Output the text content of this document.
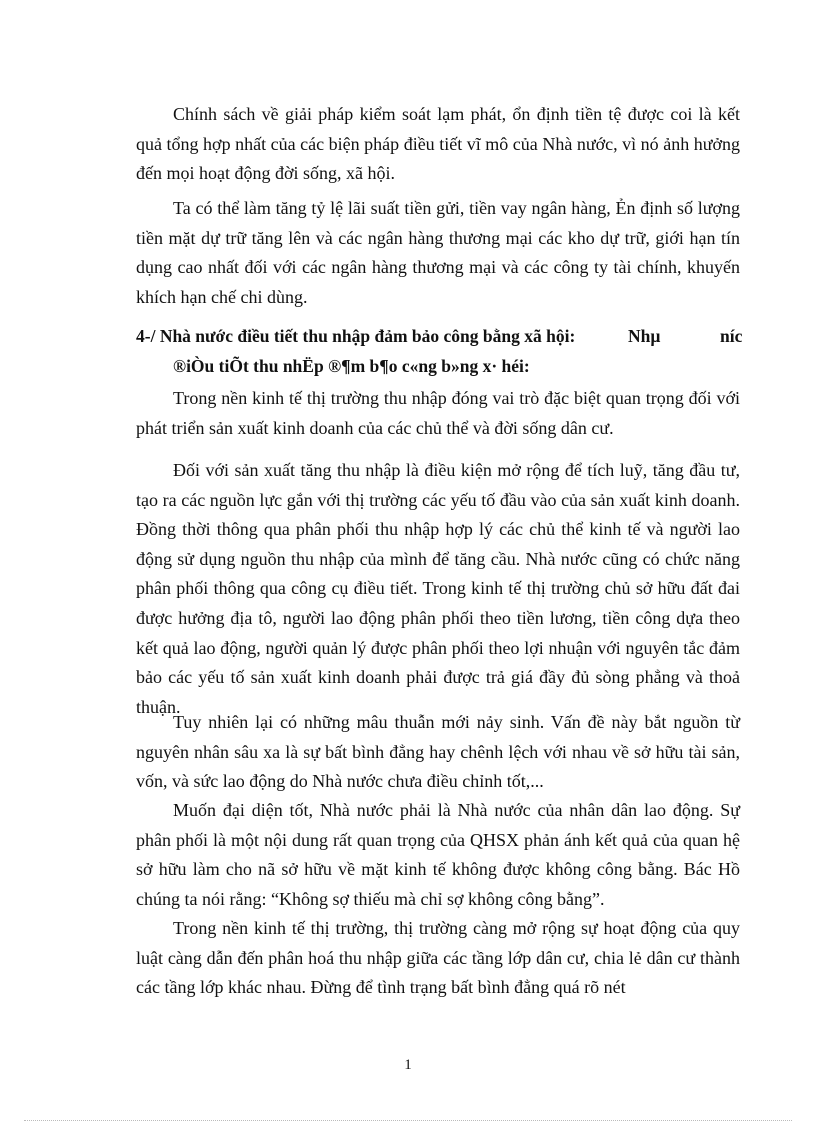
Chính sách về giải pháp kiểm soát lạm phát, ổn định tiền tệ được coi là kết quả tổng hợp nhất của các biện pháp điều tiết vĩ mô của Nhà nước, vì nó ảnh hưởng đến mọi hoạt động đời sống, xã hội.

Ta có thể làm tăng tỷ lệ lãi suất tiền gửi, tiền vay ngân hàng, Ẻn định số lượng tiền mặt dự trữ tăng lên và các ngân hàng thương mại các kho dự trữ, giới hạn tín dụng cao nhất đối với các ngân hàng thương mại và các công ty tài chính, khuyến khích hạn chế chi dùng.

4-/ Nhà nước điều tiết thu nhập đảm bảo công bằng xã hội:	Nhµ	níc
®iÒu tiÕt thu nhËp ®¶m b¶o c«ng b»ng x· héi:

Trong nền kinh tế thị trường thu nhập đóng vai trò đặc biệt quan trọng đối với phát triển sản xuất kinh doanh của các chủ thể và đời sống dân cư.

Đối với sản xuất tăng thu nhập là điều kiện mở rộng để tích luỹ, tăng đầu tư, tạo ra các nguồn lực gắn với thị trường các yếu tố đầu vào của sản xuất kinh doanh. Đồng thời thông qua phân phối thu nhập hợp lý các chủ thể kinh tế và người lao động sử dụng nguồn thu nhập của mình để tăng cầu. Nhà nước cũng có chức năng phân phối thông qua công cụ điều tiết. Trong kinh tế thị trường chủ sở hữu đất đai được hưởng địa tô, người lao động phân phối theo tiền lương, tiền công dựa theo kết quả lao động, người quản lý được phân phối theo lợi nhuận với nguyên tắc đảm bảo các yếu tố sản xuất kinh doanh phải được trả giá đầy đủ sòng phẳng và thoả thuận.

Tuy nhiên lại có những mâu thuẫn mới nảy sinh. Vấn đề này bắt nguồn từ nguyên nhân sâu xa là sự bất bình đẳng hay chênh lệch với nhau về sở hữu tài sản, vốn, và sức lao động do Nhà nước chưa điều chỉnh tốt,...

Muốn đại diện tốt, Nhà nước phải là Nhà nước của nhân dân lao động. Sự phân phối là một nội dung rất quan trọng của QHSX phản ánh kết quả của quan hệ sở hữu làm cho nã sở hữu về mặt kinh tế không được không công bằng. Bác Hồ chúng ta nói rằng: “Không sợ thiếu mà chỉ sợ không công bằng”.

Trong nền kinh tế thị trường, thị trường càng mở rộng sự hoạt động của quy luật càng dẫn đến phân hoá thu nhập giữa các tầng lớp dân cư, chia lẻ dân cư thành các tầng lớp khác nhau. Đừng để tình trạng bất bình đẳng quá rõ nét

1
